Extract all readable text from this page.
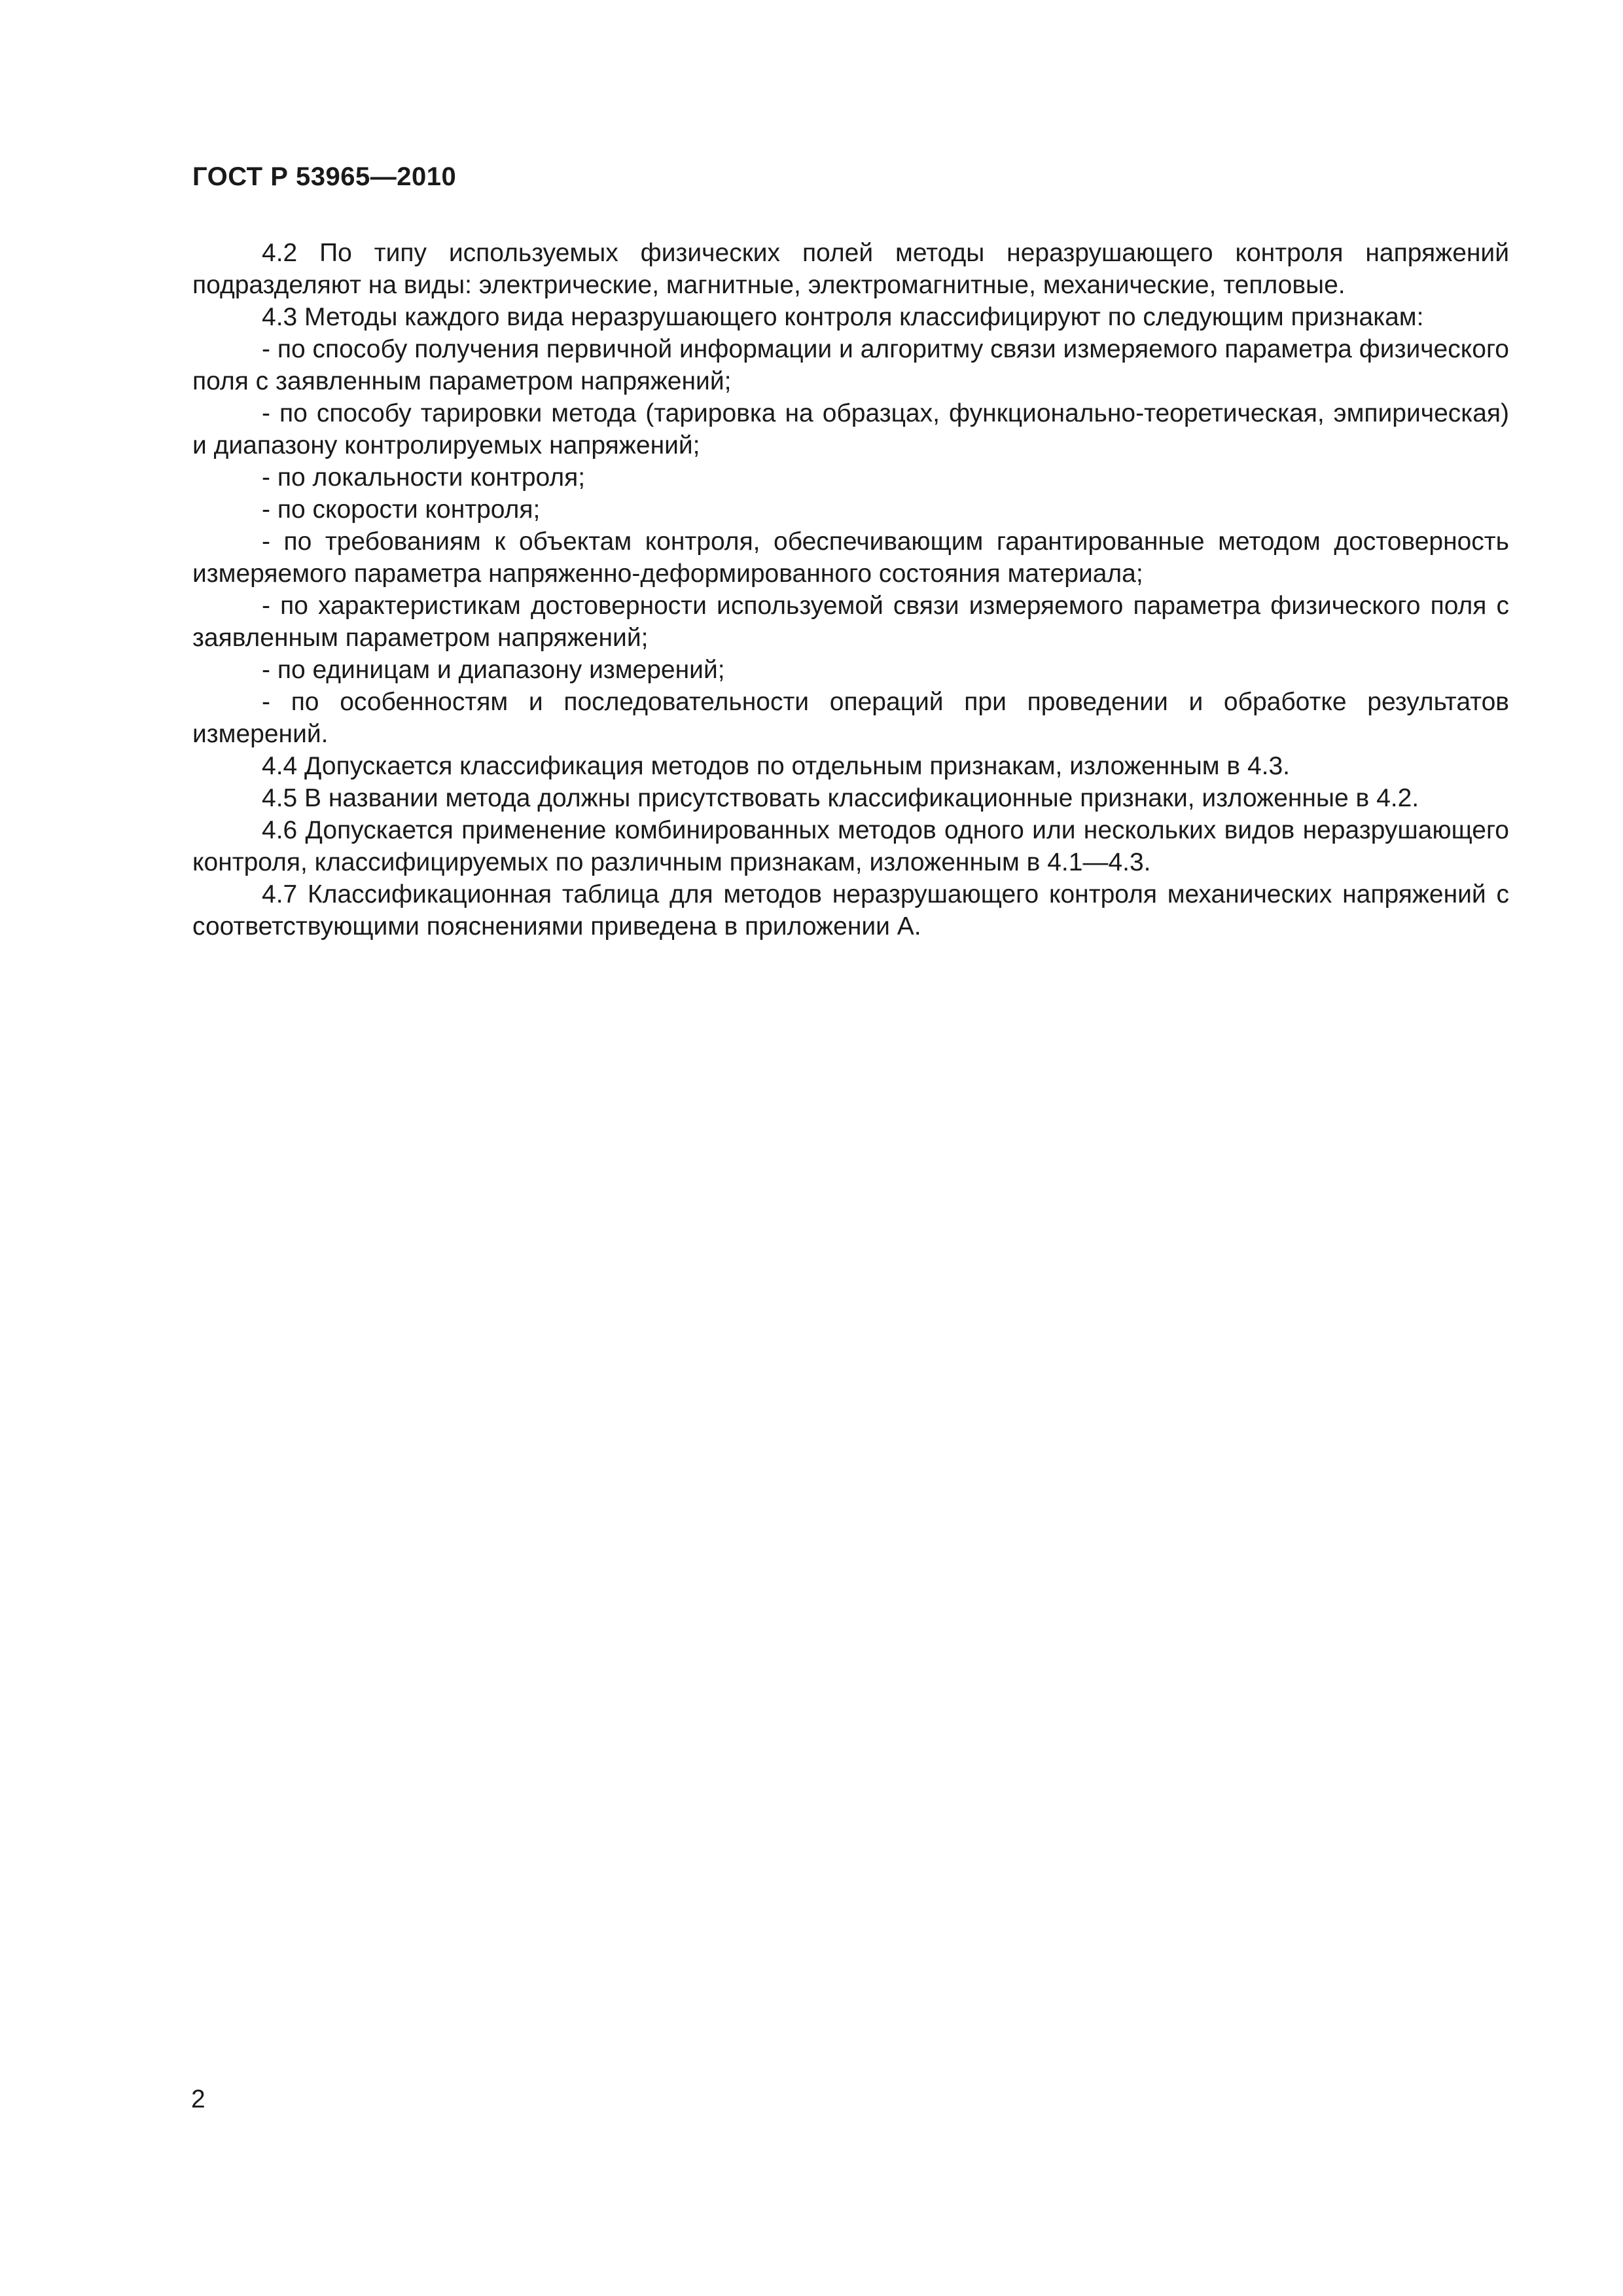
ГОСТ Р 53965—2010

4.2 По типу используемых физических полей методы неразрушающего контроля напряжений подразделяют на виды: электрические, магнитные, электромагнитные, механические, тепловые.

4.3 Методы каждого вида неразрушающего контроля классифицируют по следующим признакам:

- по способу получения первичной информации и алгоритму связи измеряемого параметра физического поля с заявленным параметром напряжений;

- по способу тарировки метода (тарировка на образцах, функционально-теоретическая, эмпирическая) и диапазону контролируемых напряжений;

- по локальности контроля;

- по скорости контроля;

- по требованиям к объектам контроля, обеспечивающим гарантированные методом достоверность измеряемого параметра напряженно-деформированного состояния материала;

- по характеристикам достоверности используемой связи измеряемого параметра физического поля с заявленным параметром напряжений;

- по единицам и диапазону измерений;

- по особенностям и последовательности операций при проведении и обработке результатов измерений.

4.4 Допускается классификация методов по отдельным признакам, изложенным в 4.3.

4.5 В названии метода должны присутствовать классификационные признаки, изложенные в 4.2.

4.6 Допускается применение комбинированных методов одного или нескольких видов неразрушающего контроля, классифицируемых по различным признакам, изложенным в 4.1—4.3.

4.7 Классификационная таблица для методов неразрушающего контроля механических напряжений с соответствующими пояснениями приведена в приложении А.

2
